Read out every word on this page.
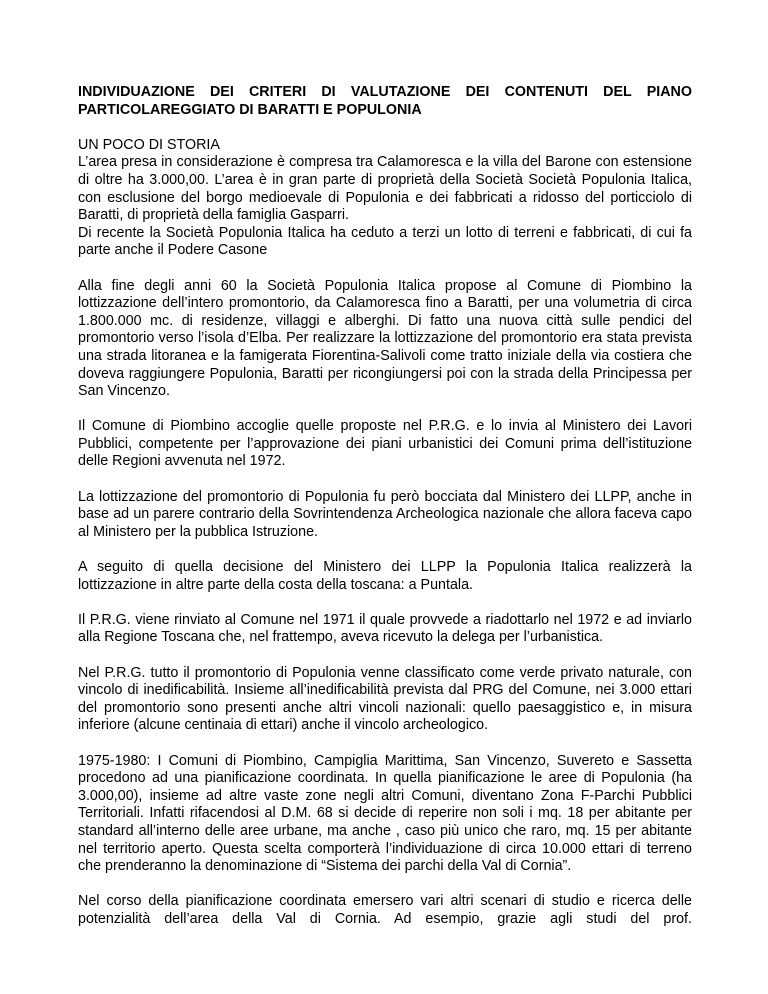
INDIVIDUAZIONE DEI CRITERI DI VALUTAZIONE DEI CONTENUTI DEL PIANO PARTICOLAREGGIATO DI BARATTI E POPULONIA

UN POCO DI STORIA

L’area presa in considerazione è compresa tra Calamoresca e la villa del Barone con estensione di oltre ha 3.000,00. L’area è in gran parte di proprietà della Società Società Populonia Italica, con esclusione del borgo medioevale di Populonia e dei fabbricati a ridosso del porticciolo di Baratti, di proprietà della famiglia Gasparri.

Di recente la Società Populonia Italica ha ceduto a terzi un lotto di terreni e fabbricati, di cui fa parte anche il Podere Casone

Alla fine degli anni 60 la Società Populonia Italica propose al Comune di Piombino la lottizzazione dell’intero promontorio, da Calamoresca fino a Baratti, per una volumetria di circa 1.800.000 mc. di residenze, villaggi e alberghi. Di fatto una nuova città sulle pendici del promontorio verso l’isola d’Elba. Per realizzare la lottizzazione del promontorio era stata prevista una strada litoranea e la famigerata Fiorentina-Salivoli come tratto iniziale della via costiera che doveva raggiungere Populonia, Baratti per ricongiungersi poi con la strada della Principessa per San Vincenzo.

Il Comune di Piombino accoglie quelle proposte nel P.R.G. e lo invia al Ministero dei Lavori Pubblici, competente per l’approvazione dei piani urbanistici dei Comuni prima dell’istituzione delle Regioni avvenuta nel 1972.

La lottizzazione del promontorio di Populonia fu però bocciata dal Ministero dei LLPP, anche in base ad un parere contrario della Sovrintendenza Archeologica nazionale che allora faceva capo al Ministero per la pubblica Istruzione.

A seguito di quella decisione del Ministero dei LLPP la Populonia Italica realizzerà la lottizzazione in altre parte della costa della toscana: a Puntala.

Il P.R.G. viene rinviato al Comune nel 1971 il quale provvede a riadottarlo nel 1972 e ad inviarlo alla Regione Toscana che, nel frattempo, aveva ricevuto la delega per l’urbanistica.

Nel P.R.G. tutto il promontorio di Populonia venne classificato come verde privato naturale, con vincolo di inedificabilità. Insieme all’inedificabilità prevista dal PRG del Comune, nei 3.000 ettari del promontorio sono presenti anche altri vincoli nazionali: quello paesaggistico e, in misura inferiore (alcune centinaia di ettari) anche il vincolo archeologico.

1975-1980: I Comuni di Piombino, Campiglia Marittima, San Vincenzo, Suvereto e Sassetta procedono ad una pianificazione coordinata. In quella pianificazione le aree di Populonia (ha 3.000,00), insieme ad altre vaste zone negli altri Comuni, diventano Zona F-Parchi Pubblici Territoriali. Infatti rifacendosi al D.M. 68 si decide di reperire non soli i mq. 18 per abitante per standard all’interno delle aree urbane, ma anche , caso più unico che raro, mq. 15 per abitante nel territorio aperto. Questa scelta comporterà l’individuazione di circa 10.000 ettari di terreno che prenderanno la denominazione di “Sistema dei parchi della Val di Cornia”.

Nel corso della pianificazione coordinata emersero vari altri scenari di studio e ricerca delle potenzialità dell’area della Val di Cornia. Ad esempio, grazie agli studi del prof.
